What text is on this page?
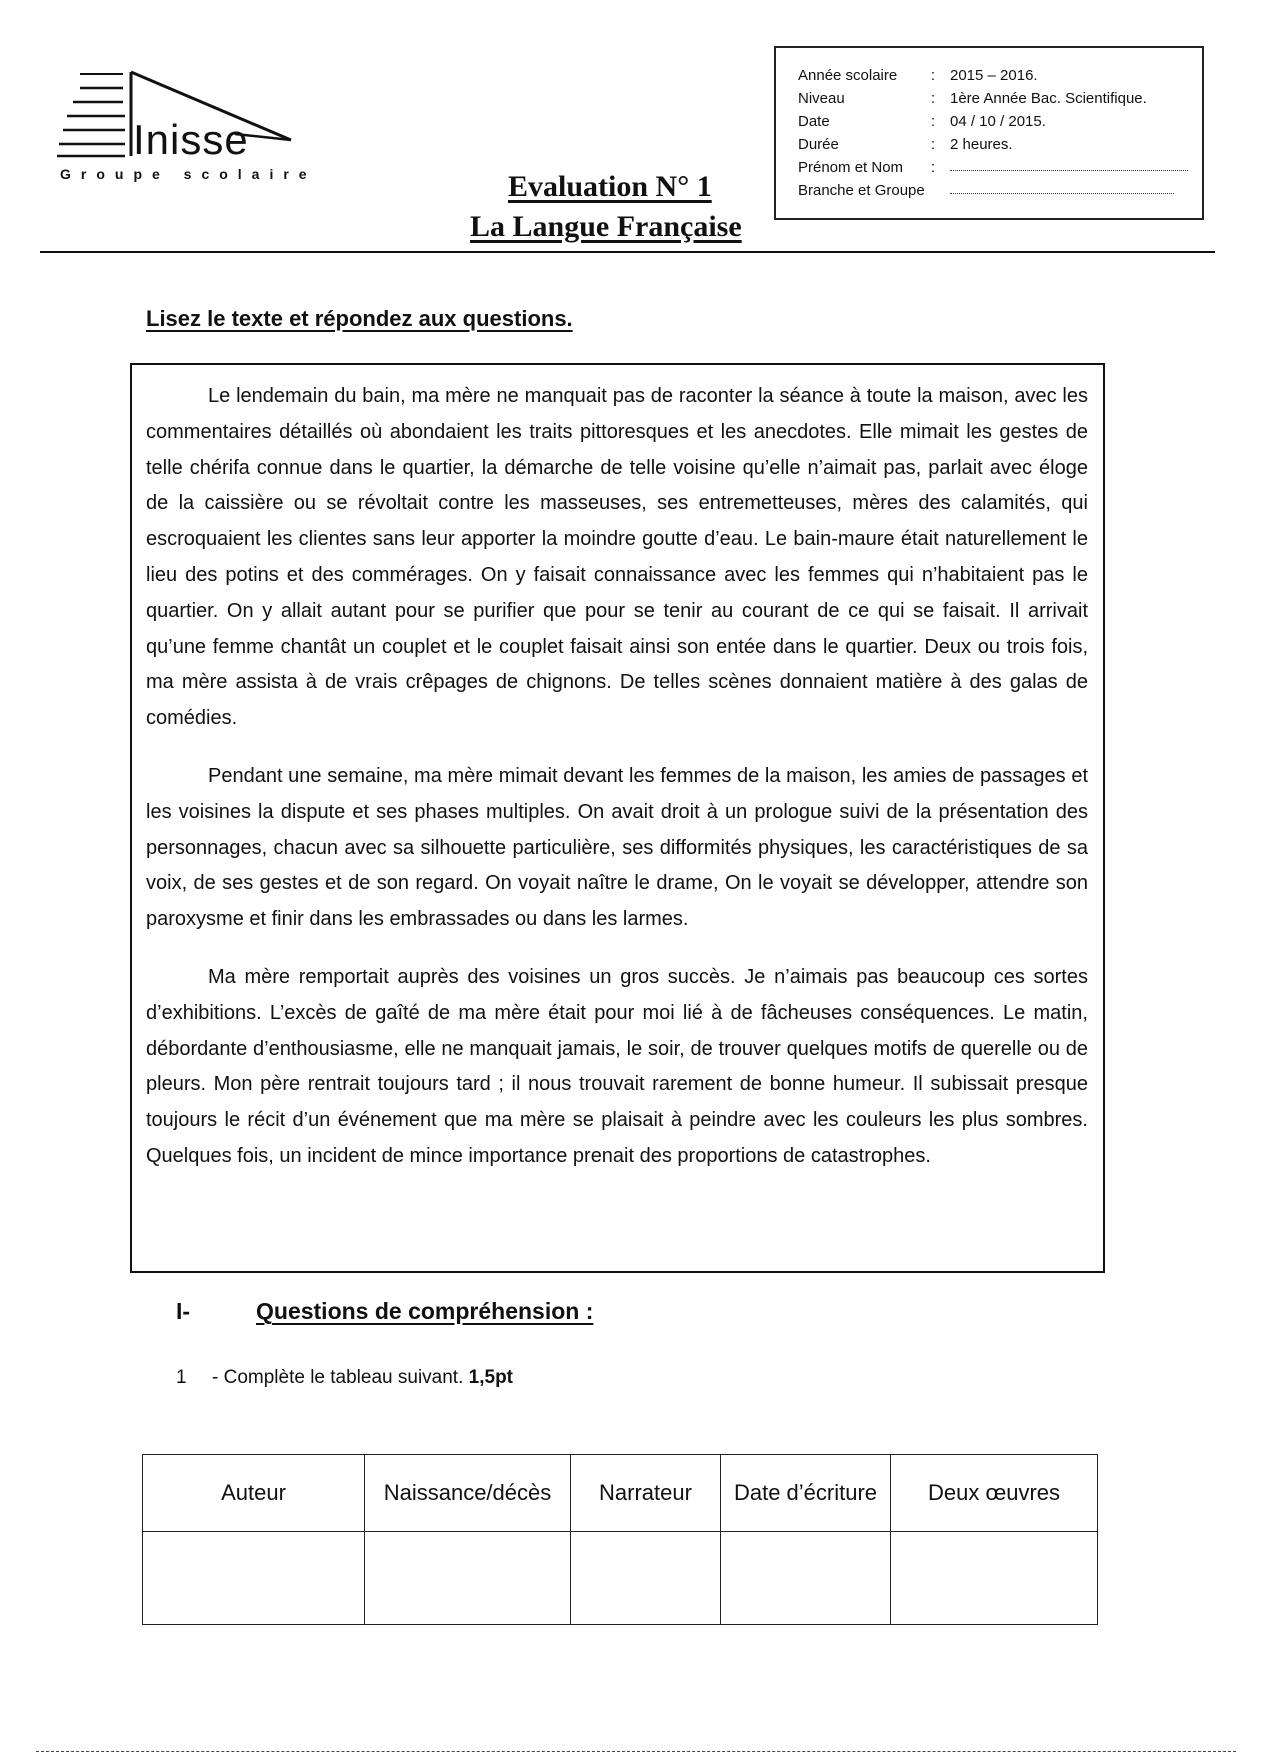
Inisse
Groupe scolaire
Année scolaire	: 2015 – 2016.
Niveau	: 1ère Année Bac. Scientifique.
Date	: 04 / 10 / 2015.
Durée	: 2 heures.
Prénom et Nom	:
Branche et Groupe
Evaluation N° 1
La Langue Française
Lisez le texte et répondez aux questions.

Le lendemain du bain, ma mère ne manquait pas de raconter la séance à toute la maison, avec les commentaires détaillés où abondaient les traits pittoresques et les anecdotes. Elle mimait les gestes de telle chérifa connue dans le quartier, la démarche de telle voisine qu’elle n’aimait pas, parlait avec éloge de la caissière ou se révoltait contre les masseuses, ses entremetteuses, mères des calamités, qui escroquaient les clientes sans leur apporter la moindre goutte d’eau. Le bain-maure était naturellement le lieu des potins et des commérages. On y faisait connaissance avec les femmes qui n’habitaient pas le quartier. On y allait autant pour se purifier que pour se tenir au courant de ce qui se faisait. Il arrivait qu’une femme chantât un couplet et le couplet faisait ainsi son entée dans le quartier. Deux ou trois fois, ma mère assista à de vrais crêpages de chignons. De telles scènes donnaient matière à des galas de comédies.

Pendant une semaine, ma mère mimait devant les femmes de la maison, les amies de passages et les voisines la dispute et ses phases multiples. On avait droit à un prologue suivi de la présentation des personnages, chacun avec sa silhouette particulière, ses difformités physiques, les caractéristiques de sa voix, de ses gestes et de son regard. On voyait naître le drame, On le voyait se développer, attendre son paroxysme et finir dans les embrassades ou dans les larmes.

Ma mère remportait auprès des voisines un gros succès. Je n’aimais pas beaucoup ces sortes d’exhibitions. L’excès de gaîté de ma mère était pour moi lié à de fâcheuses conséquences. Le matin, débordante d’enthousiasme, elle ne manquait jamais, le soir, de trouver quelques motifs de querelle ou de pleurs. Mon père rentrait toujours tard ; il nous trouvait rarement de bonne humeur. Il subissait presque toujours le récit d’un événement que ma mère se plaisait à peindre avec les couleurs les plus sombres. Quelques fois, un incident de mince importance prenait des proportions de catastrophes.

I-	Questions de compréhension :
1 - Complète le tableau suivant. 1,5pt
Auteur	Naissance/décès	Narrateur	Date d’écriture	Deux œuvres
